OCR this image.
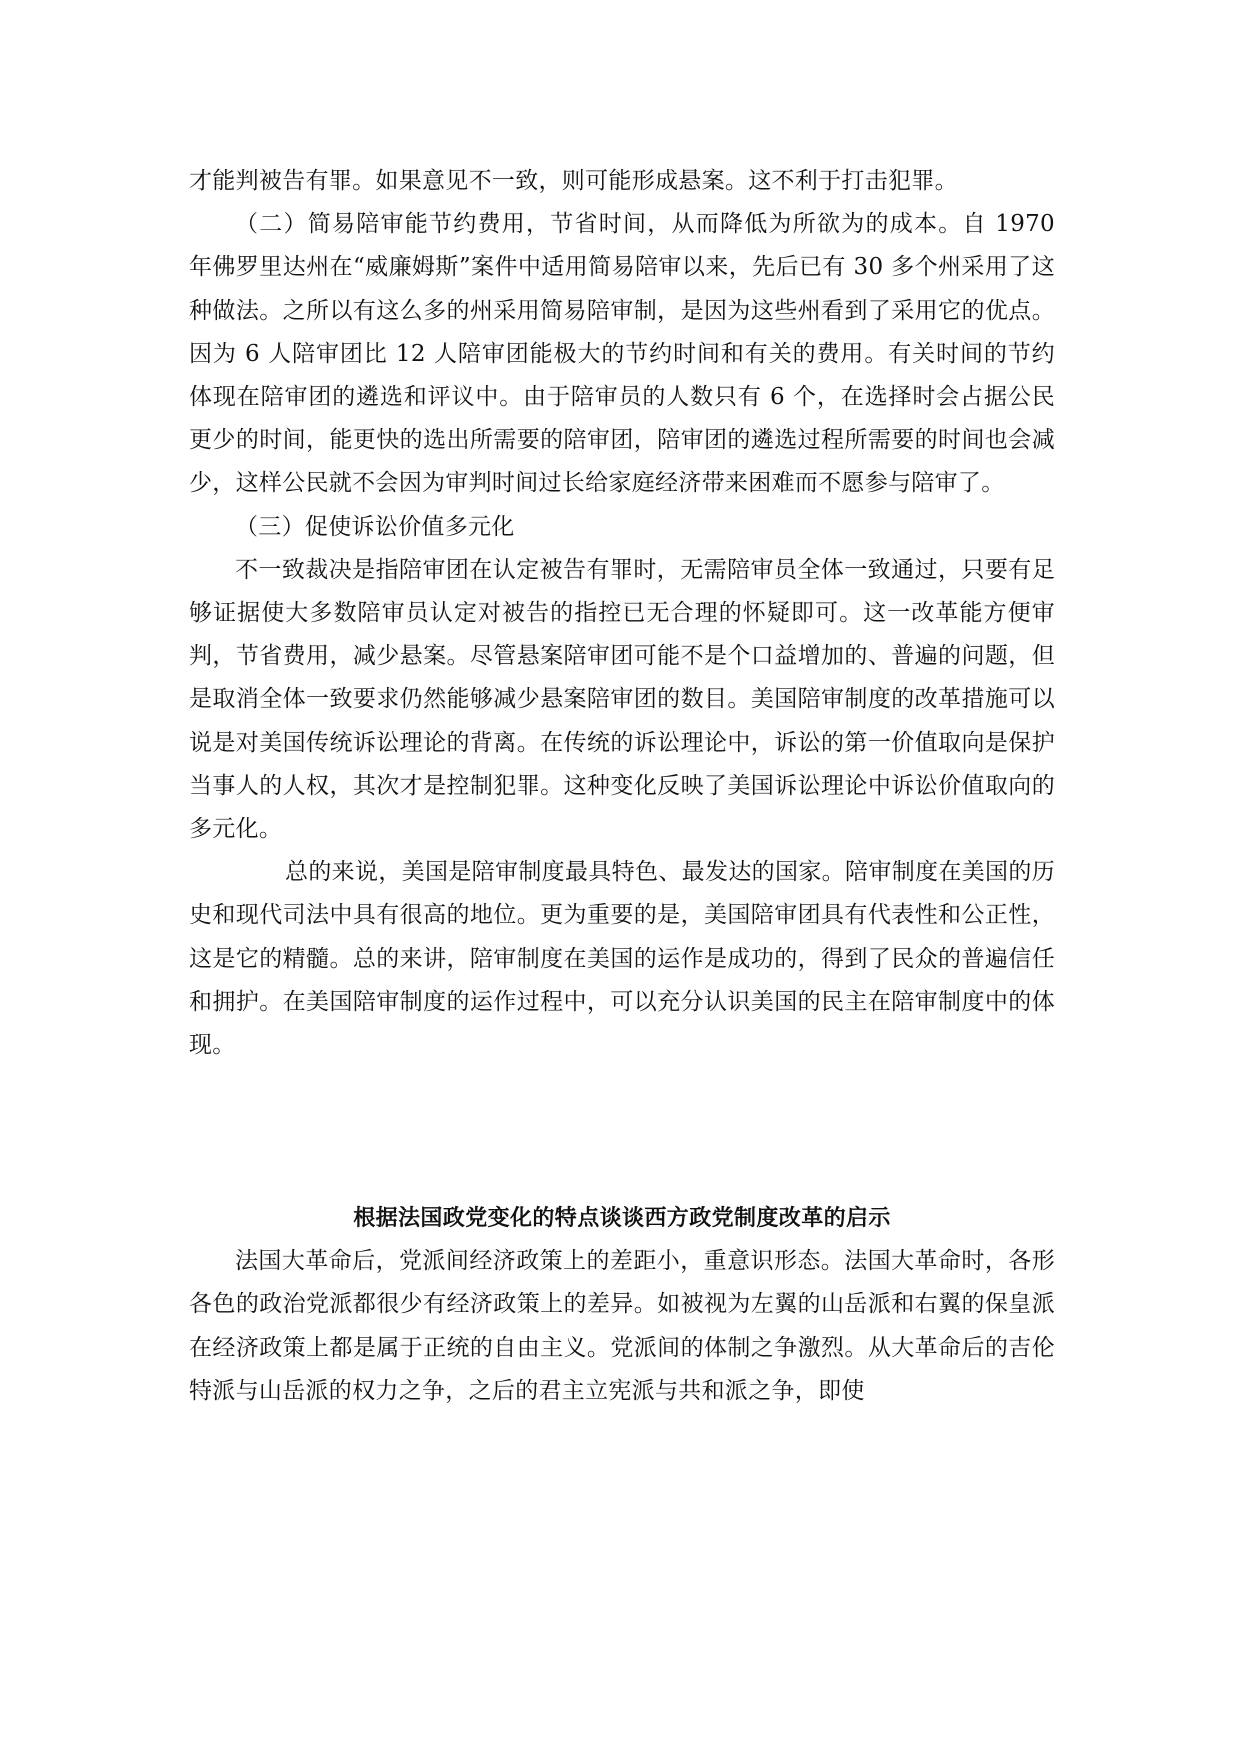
才能判被告有罪。如果意见不一致，则可能形成悬案。这不利于打击犯罪。

（二）简易陪审能节约费用，节省时间，从而降低为所欲为的成本。自 1970 年佛罗里达州在“威廉姆斯”案件中适用简易陪审以来，先后已有 30 多个州采用了这种做法。之所以有这么多的州采用简易陪审制，是因为这些州看到了采用它的优点。因为 6 人陪审团比 12 人陪审团能极大的节约时间和有关的费用。有关时间的节约体现在陪审团的遴选和评议中。由于陪审员的人数只有 6 个，在选择时会占据公民更少的时间，能更快的选出所需要的陪审团，陪审团的遴选过程所需要的时间也会减少，这样公民就不会因为审判时间过长给家庭经济带来困难而不愿参与陪审了。

（三）促使诉讼价值多元化

不一致裁决是指陪审团在认定被告有罪时，无需陪审员全体一致通过，只要有足够证据使大多数陪审员认定对被告的指控已无合理的怀疑即可。这一改革能方便审判，节省费用，减少悬案。尽管悬案陪审团可能不是个口益增加的、普遍的问题，但是取消全体一致要求仍然能够减少悬案陪审团的数目。美国陪审制度的改革措施可以说是对美国传统诉讼理论的背离。在传统的诉讼理论中，诉讼的第一价值取向是保护当事人的人权，其次才是控制犯罪。这种变化反映了美国诉讼理论中诉讼价值取向的多元化。

总的来说，美国是陪审制度最具特色、最发达的国家。陪审制度在美国的历史和现代司法中具有很高的地位。更为重要的是，美国陪审团具有代表性和公正性，这是它的精髓。总的来讲，陪审制度在美国的运作是成功的，得到了民众的普遍信任和拥护。在美国陪审制度的运作过程中，可以充分认识美国的民主在陪审制度中的体现。

根据法国政党变化的特点谈谈西方政党制度改革的启示

法国大革命后，党派间经济政策上的差距小，重意识形态。法国大革命时，各形各色的政治党派都很少有经济政策上的差异。如被视为左翼的山岳派和右翼的保皇派在经济政策上都是属于正统的自由主义。党派间的体制之争激烈。从大革命后的吉伦特派与山岳派的权力之争，之后的君主立宪派与共和派之争，即使
